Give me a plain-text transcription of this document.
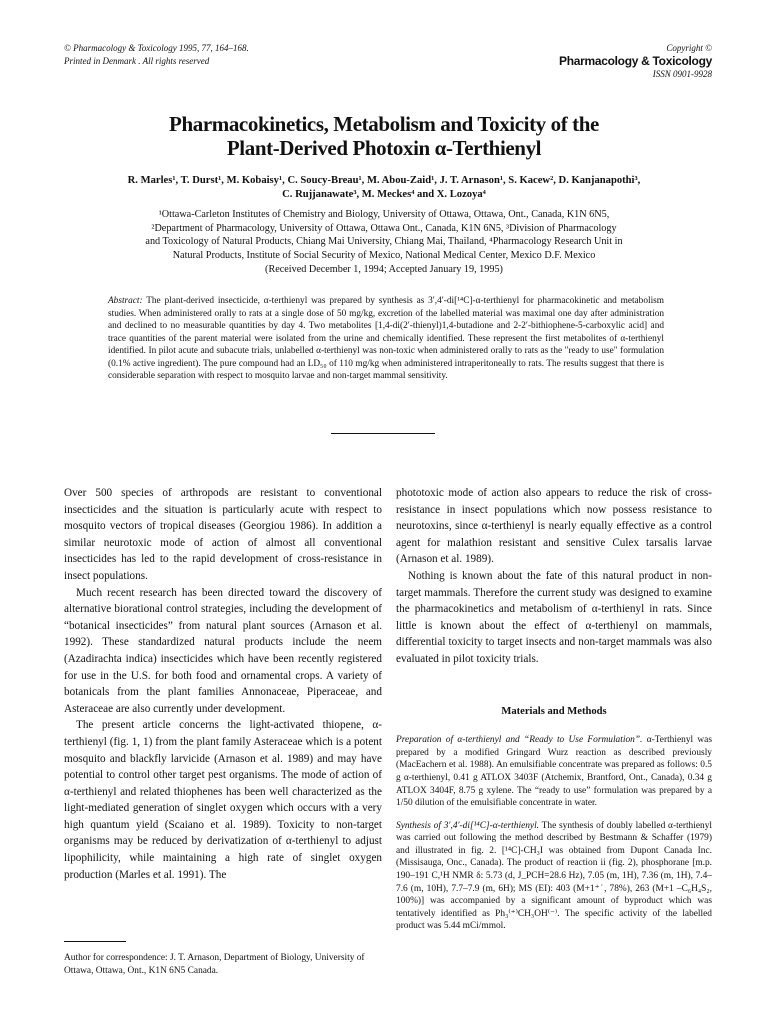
© Pharmacology & Toxicology 1995, 77, 164–168.
Printed in Denmark . All rights reserved
Copyright ©
Pharmacology & Toxicology
ISSN 0901-9928
Pharmacokinetics, Metabolism and Toxicity of the
Plant-Derived Photoxin α-Terthienyl
R. Marles¹, T. Durst¹, M. Kobaisy¹, C. Soucy-Breau¹, M. Abou-Zaid¹, J. T. Arnason¹, S. Kacew², D. Kanjanapothi³,
C. Rujjanawate³, M. Meckes⁴ and X. Lozoya⁴
¹Ottawa-Carleton Institutes of Chemistry and Biology, University of Ottawa, Ottawa, Ont., Canada, K1N 6N5,
²Department of Pharmacology, University of Ottawa, Ottawa Ont., Canada, K1N 6N5, ³Division of Pharmacology
and Toxicology of Natural Products, Chiang Mai University, Chiang Mai, Thailand, ⁴Pharmacology Research Unit in
Natural Products, Institute of Social Security of Mexico, National Medical Center, Mexico D.F. Mexico
(Received December 1, 1994; Accepted January 19, 1995)
Abstract: The plant-derived insecticide, α-terthienyl was prepared by synthesis as 3′,4′-di[¹⁴C]-α-terthienyl for pharmacokinetic and metabolism studies. When administered orally to rats at a single dose of 50 mg/kg, excretion of the labelled material was maximal one day after administration and declined to no measurable quantities by day 4. Two metabolites [1,4-di(2′-thienyl)1,4-butadione and 2-2′-bithiophene-5-carboxylic acid] and trace quantities of the parent material were isolated from the urine and chemically identified. These represent the first metabolites of α-terthienyl identified. In pilot acute and subacute trials, unlabelled α-terthienyl was non-toxic when administered orally to rats as the "ready to use" formulation (0.1% active ingredient). The pure compound had an LD₅₀ of 110 mg/kg when administered intraperitoneally to rats. The results suggest that there is considerable separation with respect to mosquito larvae and non-target mammal sensitivity.

Over 500 species of arthropods are resistant to conventional insecticides and the situation is particularly acute with respect to mosquito vectors of tropical diseases (Georgiou 1986). In addition a similar neurotoxic mode of action of almost all conventional insecticides has led to the rapid development of cross-resistance in insect populations.

Much recent research has been directed toward the discovery of alternative biorational control strategies, including the development of “botanical insecticides” from natural plant sources (Arnason et al. 1992). These standardized natural products include the neem (Azadirachta indica) insecticides which have been recently registered for use in the U.S. for both food and ornamental crops. A variety of botanicals from the plant families Annonaceae, Piperaceae, and Asteraceae are also currently under development.

The present article concerns the light-activated thiopene, α-terthienyl (fig. 1, 1) from the plant family Asteraceae which is a potent mosquito and blackfly larvicide (Arnason et al. 1989) and may have potential to control other target pest organisms. The mode of action of α-terthienyl and related thiophenes has been well characterized as the light-mediated generation of singlet oxygen which occurs with a very high quantum yield (Scaiano et al. 1989). Toxicity to non-target organisms may be reduced by derivatization of α-terthienyl to adjust lipophilicity, while maintaining a high rate of singlet oxygen production (Marles et al. 1991). The

phototoxic mode of action also appears to reduce the risk of cross-resistance in insect populations which now possess resistance to neurotoxins, since α-terthienyl is nearly equally effective as a control agent for malathion resistant and sensitive Culex tarsalis larvae (Arnason et al. 1989).

Nothing is known about the fate of this natural product in non-target mammals. Therefore the current study was designed to examine the pharmacokinetics and metabolism of α-terthienyl in rats. Since little is known about the effect of α-terthienyl on mammals, differential toxicity to target insects and non-target mammals was also evaluated in pilot toxicity trials.

Materials and Methods

Preparation of α-terthienyl and “Ready to Use Formulation”. α-Terthienyl was prepared by a modified Gringard Wurz reaction as described previously (MacEachern et al. 1988). An emulsifiable concentrate was prepared as follows: 0.5 g α-terthienyl, 0.41 g ATLOX 3403F (Atchemix, Brantford, Ont., Canada), 0.34 g ATLOX 3404F, 8.75 g xylene. The “ready to use” formulation was prepared by a 1/50 dilution of the emulsifiable concentrate in water.

Synthesis of 3′,4′-di[¹⁴C]-α-terthienyl. The synthesis of doubly labelled α-terthienyl was carried out following the method described by Bestmann & Schaffer (1979) and illustrated in fig. 2. [¹⁴C]-CH₃I was obtained from Dupont Canada Inc. (Missisauga, Onc., Canada). The product of reaction ii (fig. 2), phosphorane [m.p. 190–191 C,¹H NMR δ: 5.73 (d, J_PCH=28.6 Hz), 7.05 (m, 1H), 7.36 (m, 1H), 7.4–7.6 (m, 10H), 7.7–7.9 (m, 6H); MS (EI): 403 (M+1⁺˙, 78%), 263 (M+1 –C₆H₄S₂, 100%)] was accompanied by a significant amount of byproduct which was tentatively identified as Ph₃⁽⁺⁾CH₃OH⁽⁻⁾. The specific activity of the labelled product was 5.44 mCi/mmol.

Author for correspondence: J. T. Arnason, Department of Biology, University of Ottawa, Ottawa, Ont., K1N 6N5 Canada.
